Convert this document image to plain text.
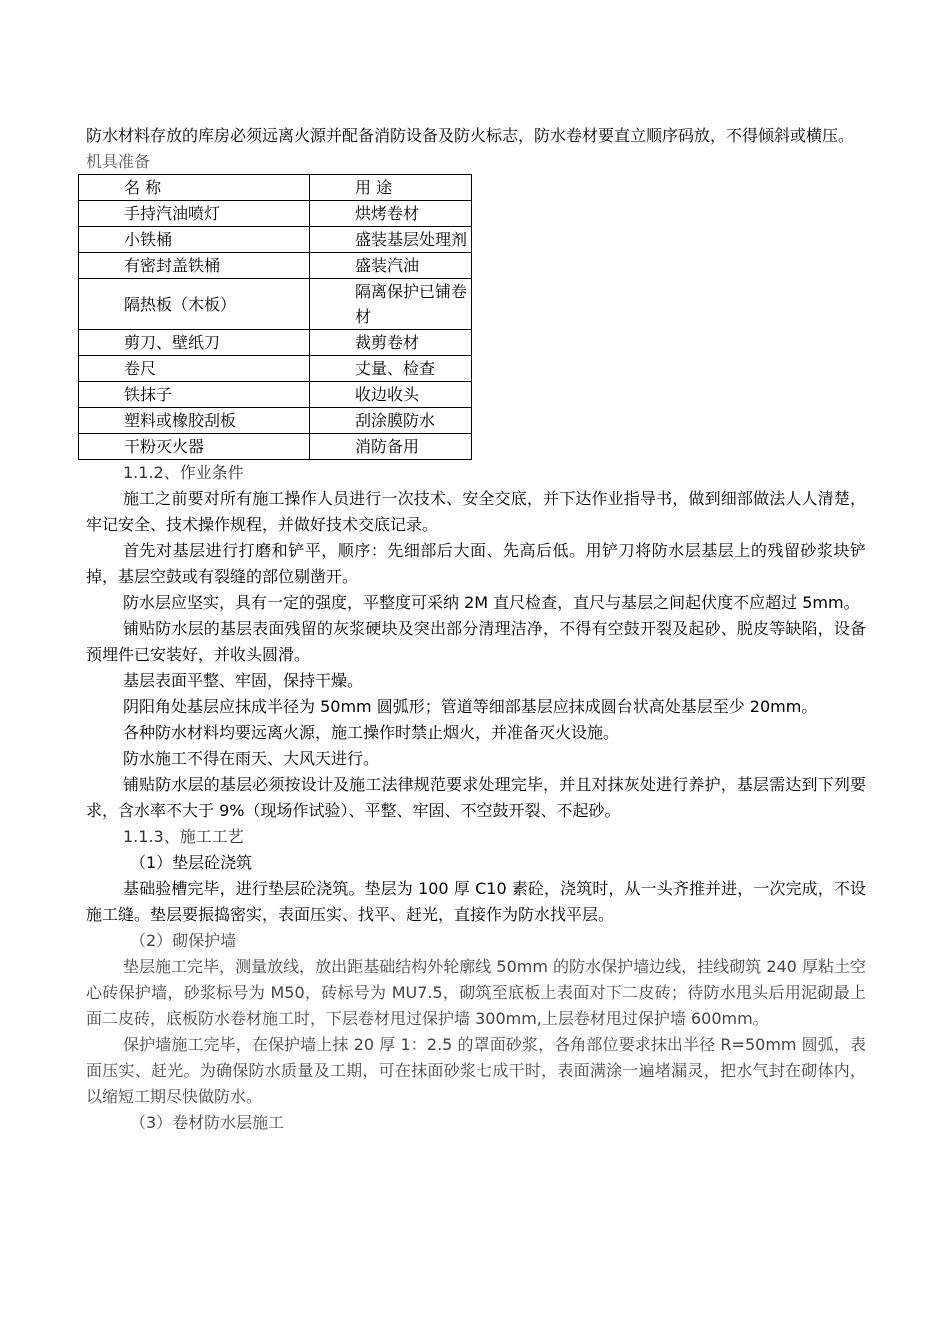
防水材料存放的库房必须远离火源并配备消防设备及防火标志，防水卷材要直立顺序码放，不得倾斜或横压。

机具准备

名 称	用 途
手持汽油喷灯	烘烤卷材
小铁桶	盛装基层处理剂
有密封盖铁桶	盛装汽油
隔热板（木板）	隔离保护已铺卷材
剪刀、壁纸刀	裁剪卷材
卷尺	丈量、检查
铁抹子	收边收头
塑料或橡胶刮板	刮涂膜防水
干粉灭火器	消防备用

1.1.2、作业条件

施工之前要对所有施工操作人员进行一次技术、安全交底，并下达作业指导书，做到细部做法人人清楚，牢记安全、技术操作规程，并做好技术交底记录。

首先对基层进行打磨和铲平，顺序：先细部后大面、先高后低。用铲刀将防水层基层上的残留砂浆块铲掉，基层空鼓或有裂缝的部位剔凿开。

防水层应坚实，具有一定的强度，平整度可采纳 2M 直尺检查，直尺与基层之间起伏度不应超过 5mm。

铺贴防水层的基层表面残留的灰浆硬块及突出部分清理洁净，不得有空鼓开裂及起砂、脱皮等缺陷，设备预埋件已安装好，并收头圆滑。

基层表面平整、牢固，保持干燥。

阴阳角处基层应抹成半径为 50mm 圆弧形；管道等细部基层应抹成圆台状高处基层至少 20mm。

各种防水材料均要远离火源，施工操作时禁止烟火，并准备灭火设施。

防水施工不得在雨天、大风天进行。

铺贴防水层的基层必须按设计及施工法律规范要求处理完毕，并且对抹灰处进行养护，基层需达到下列要求，含水率不大于 9%（现场作试验）、平整、牢固、不空鼓开裂、不起砂。

1.1.3、施工工艺

（1）垫层砼浇筑

基础验槽完毕，进行垫层砼浇筑。垫层为 100 厚 C10 素砼，浇筑时，从一头齐推并进，一次完成，不设施工缝。垫层要振捣密实，表面压实、找平、赶光，直接作为防水找平层。

（2）砌保护墙

垫层施工完毕，测量放线，放出距基础结构外轮廓线 50mm 的防水保护墙边线，挂线砌筑 240 厚粘土空心砖保护墙，砂浆标号为 M50，砖标号为 MU7.5，砌筑至底板上表面对下二皮砖；待防水甩头后用泥砌最上面二皮砖，底板防水卷材施工时，下层卷材甩过保护墙 300mm,上层卷材甩过保护墙 600mm。

保护墙施工完毕，在保护墙上抹 20 厚 1：2.5 的罩面砂浆，各角部位要求抹出半径 R=50mm 圆弧，表面压实、赶光。为确保防水质量及工期，可在抹面砂浆七成干时，表面满涂一遍堵漏灵，把水气封在砌体内，以缩短工期尽快做防水。

（3）卷材防水层施工
